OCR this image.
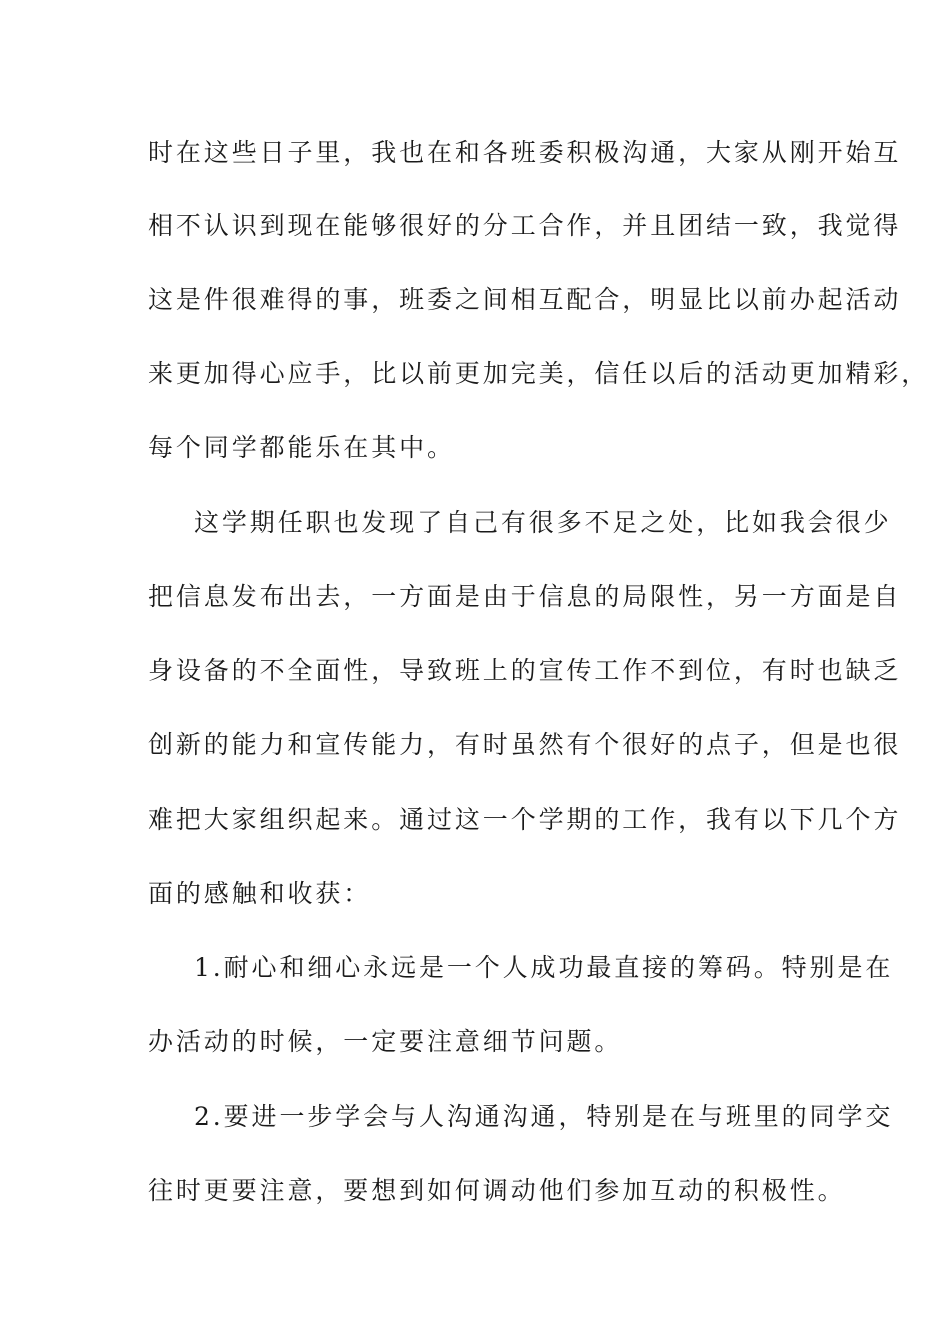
时在这些日子里，我也在和各班委积极沟通，大家从刚开始互
相不认识到现在能够很好的分工合作，并且团结一致，我觉得
这是件很难得的事，班委之间相互配合，明显比以前办起活动
来更加得心应手，比以前更加完美，信任以后的活动更加精彩，
每个同学都能乐在其中。
这学期任职也发现了自己有很多不足之处，比如我会很少
把信息发布出去，一方面是由于信息的局限性，另一方面是自
身设备的不全面性，导致班上的宣传工作不到位，有时也缺乏
创新的能力和宣传能力，有时虽然有个很好的点子，但是也很
难把大家组织起来。通过这一个学期的工作，我有以下几个方
面的感触和收获：
1.耐心和细心永远是一个人成功最直接的筹码。特别是在
办活动的时候，一定要注意细节问题。
2.要进一步学会与人沟通沟通，特别是在与班里的同学交
往时更要注意，要想到如何调动他们参加互动的积极性。
